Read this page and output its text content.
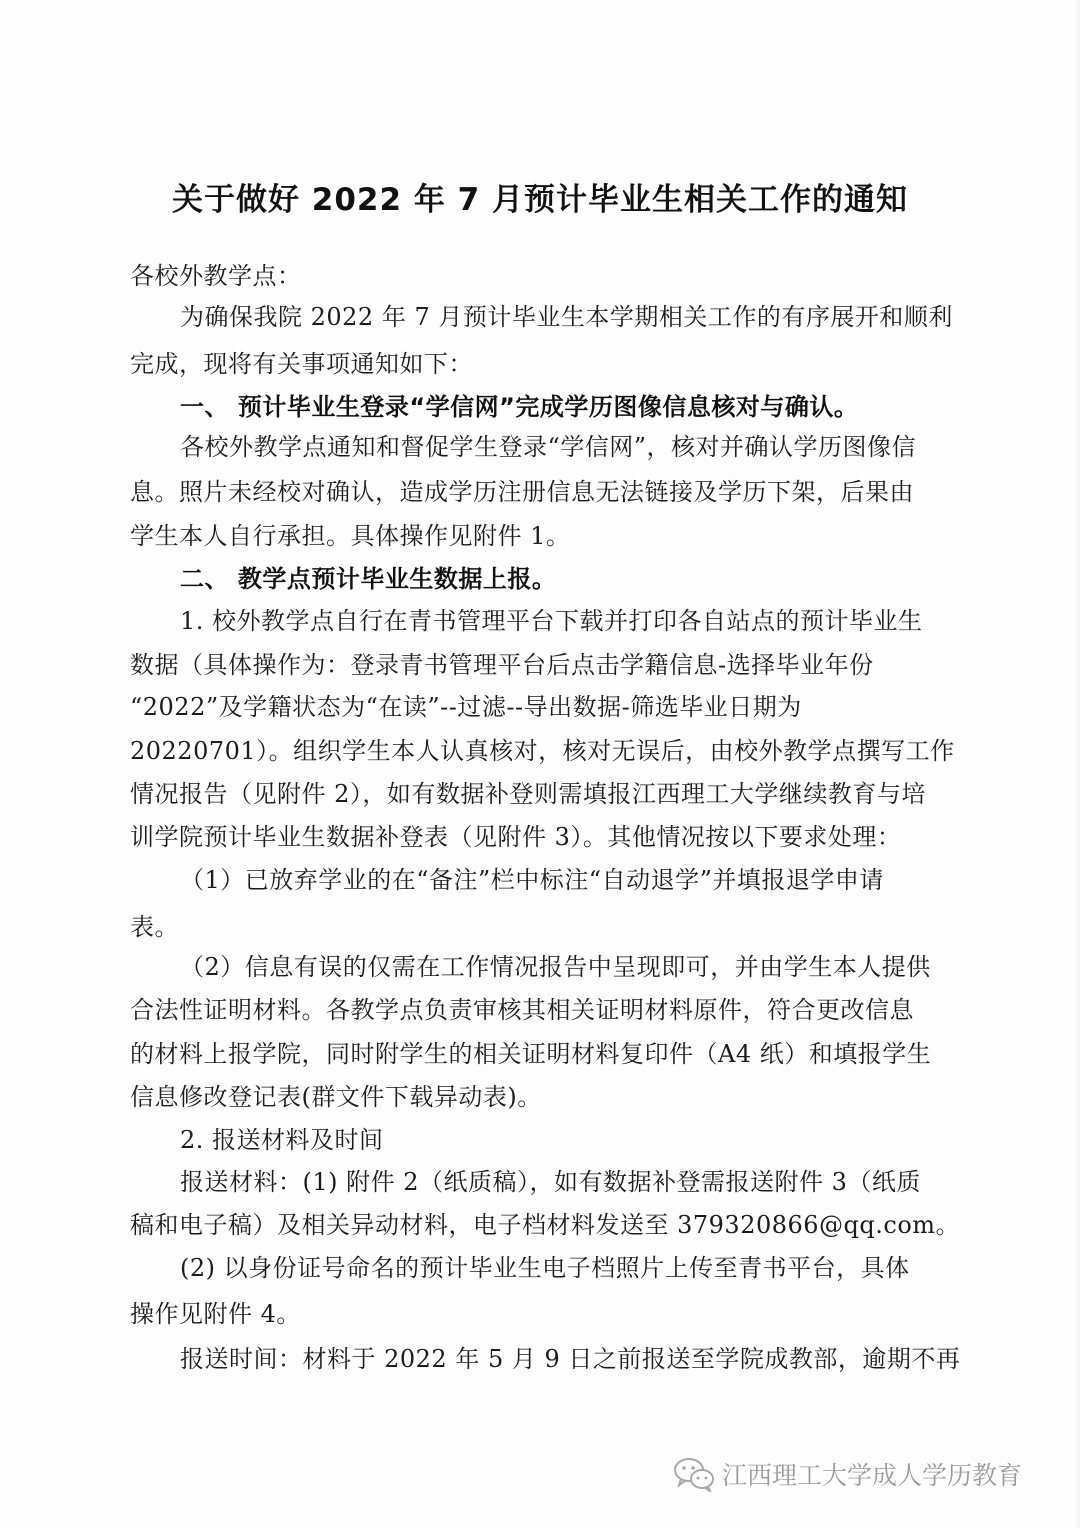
关于做好 2022 年 7 月预计毕业生相关工作的通知
各校外教学点：
为确保我院 2022 年 7 月预计毕业生本学期相关工作的有序展开和顺利
完成，现将有关事项通知如下：
一、 预计毕业生登录“学信网”完成学历图像信息核对与确认。
各校外教学点通知和督促学生登录“学信网”，核对并确认学历图像信
息。照片未经校对确认，造成学历注册信息无法链接及学历下架，后果由
学生本人自行承担。具体操作见附件 1。
二、 教学点预计毕业生数据上报。
1. 校外教学点自行在青书管理平台下载并打印各自站点的预计毕业生
数据（具体操作为：登录青书管理平台后点击学籍信息-选择毕业年份
“2022”及学籍状态为“在读”--过滤--导出数据-筛选毕业日期为
20220701）。组织学生本人认真核对，核对无误后，由校外教学点撰写工作
情况报告（见附件 2），如有数据补登则需填报江西理工大学继续教育与培
训学院预计毕业生数据补登表（见附件 3）。其他情况按以下要求处理：
（1）已放弃学业的在“备注”栏中标注“自动退学”并填报退学申请
表。
（2）信息有误的仅需在工作情况报告中呈现即可，并由学生本人提供
合法性证明材料。各教学点负责审核其相关证明材料原件，符合更改信息
的材料上报学院，同时附学生的相关证明材料复印件（A4 纸）和填报学生
信息修改登记表(群文件下载异动表)。
2. 报送材料及时间
报送材料：(1) 附件 2（纸质稿），如有数据补登需报送附件 3（纸质
稿和电子稿）及相关异动材料，电子档材料发送至 379320866@qq.com。
(2) 以身份证号命名的预计毕业生电子档照片上传至青书平台，具体
操作见附件 4。
报送时间：材料于 2022 年 5 月 9 日之前报送至学院成教部，逾期不再
江西理工大学成人学历教育
